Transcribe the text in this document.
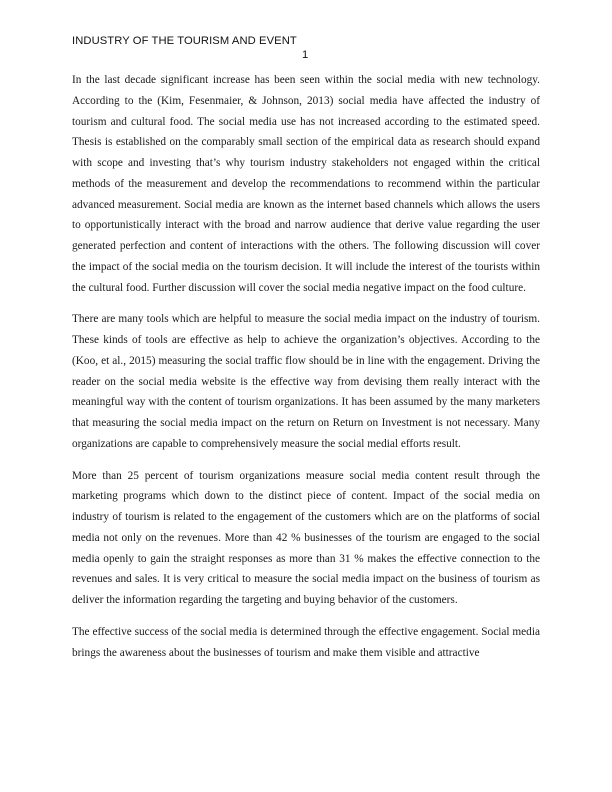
INDUSTRY OF THE TOURISM AND EVENT
1

In the last decade significant increase has been seen within the social media with new technology. According to the (Kim, Fesenmaier, & Johnson, 2013) social media have affected the industry of tourism and cultural food. The social media use has not increased according to the estimated speed. Thesis is established on the comparably small section of the empirical data as research should expand with scope and investing that’s why tourism industry stakeholders not engaged within the critical methods of the measurement and develop the recommendations to recommend within the particular advanced measurement. Social media are known as the internet based channels which allows the users to opportunistically interact with the broad and narrow audience that derive value regarding the user generated perfection and content of interactions with the others. The following discussion will cover the impact of the social media on the tourism decision. It will include the interest of the tourists within the cultural food. Further discussion will cover the social media negative impact on the food culture.

There are many tools which are helpful to measure the social media impact on the industry of tourism. These kinds of tools are effective as help to achieve the organization’s objectives. According to the (Koo, et al., 2015) measuring the social traffic flow should be in line with the engagement. Driving the reader on the social media website is the effective way from devising them really interact with the meaningful way with the content of tourism organizations. It has been assumed by the many marketers that measuring the social media impact on the return on Return on Investment is not necessary. Many organizations are capable to comprehensively measure the social medial efforts result.

More than 25 percent of tourism organizations measure social media content result through the marketing programs which down to the distinct piece of content. Impact of the social media on industry of tourism is related to the engagement of the customers which are on the platforms of social media not only on the revenues. More than 42 % businesses of the tourism are engaged to the social media openly to gain the straight responses as more than 31 % makes the effective connection to the revenues and sales. It is very critical to measure the social media impact on the business of tourism as deliver the information regarding the targeting and buying behavior of the customers.

The effective success of the social media is determined through the effective engagement. Social media brings the awareness about the businesses of tourism and make them visible and attractive
